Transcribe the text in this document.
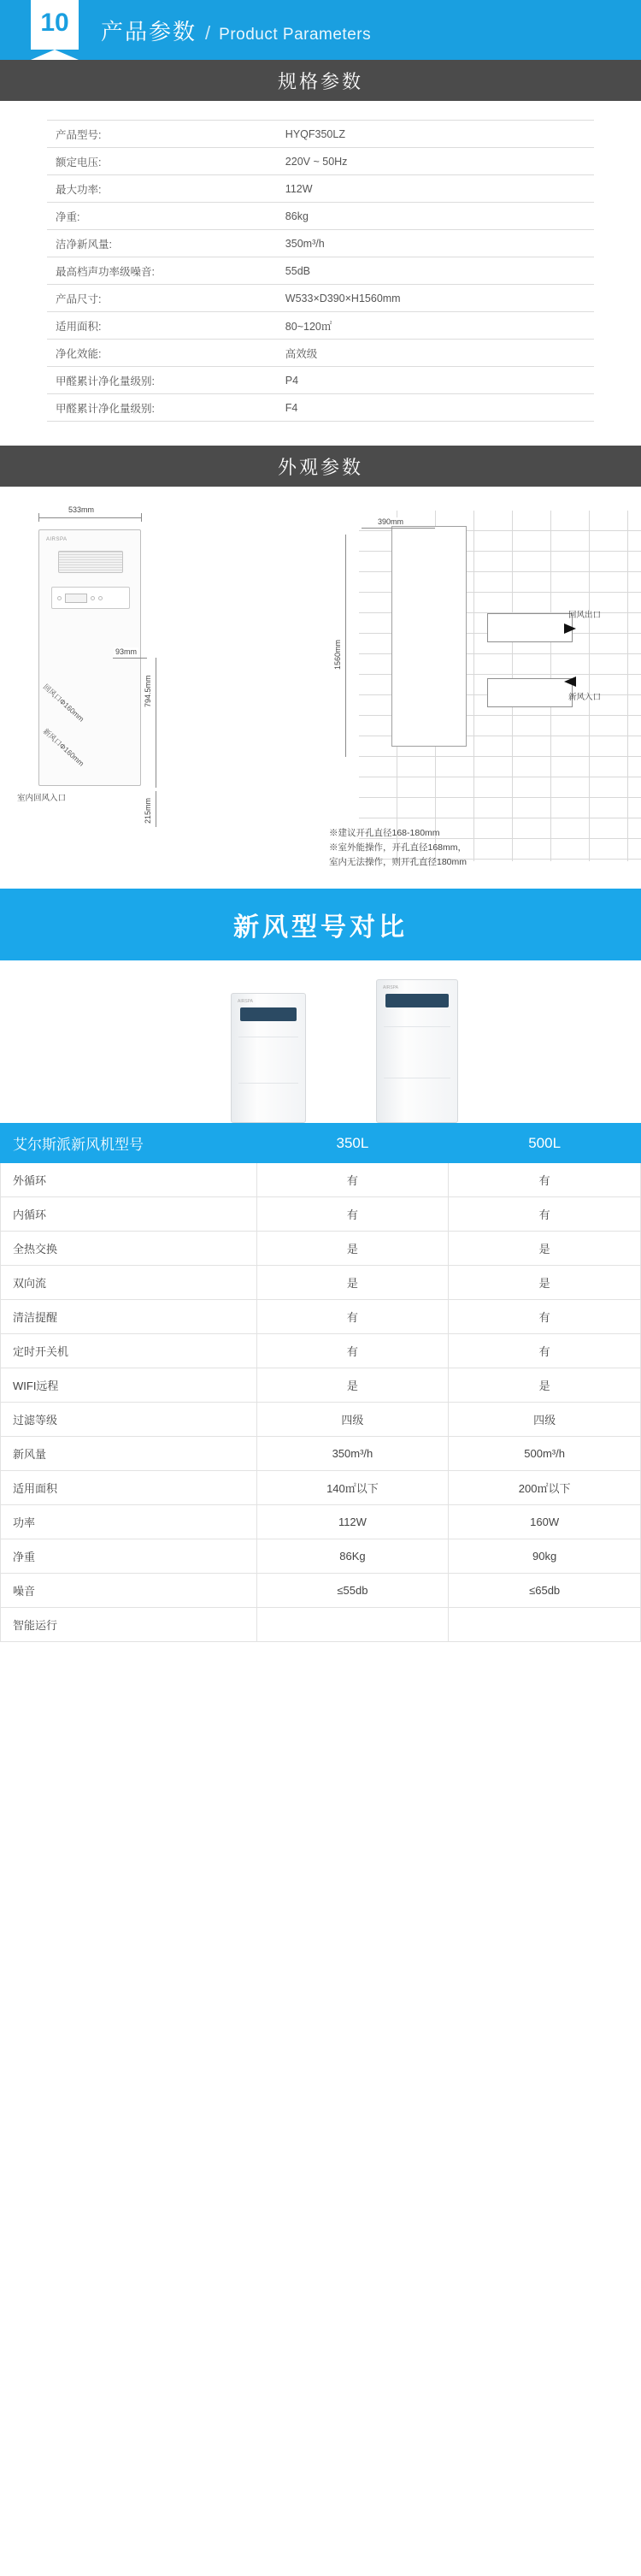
10	产品参数 / Product Parameters
规格参数
产品型号:	HYQF350LZ
额定电压:	220V ~ 50Hz
最大功率:	112W
净重:	86kg
洁净新风量:	350m³/h
最高档声功率级噪音:	55dB
产品尺寸:	W533×D390×H1560mm
适用面积:	80~120㎡
净化效能:	高效级
甲醛累计净化量级别:	P4
甲醛累计净化量级别:	F4
外观参数
533mm
AIRSPA
93mm
回风口Φ160mm
新风口Φ160mm
室内回风入口
794.5mm
215mm
390mm
1560mm
回风出口
新风入口
※建议开孔直径168-180mm
※室外能操作，开孔直径168mm，
室内无法操作，则开孔直径180mm
新风型号对比
AIRSPA
AIRSPA
艾尔斯派新风机型号	350L	500L
外循环	有	有
内循环	有	有
全热交换	是	是
双向流	是	是
清洁提醒	有	有
定时开关机	有	有
WIFI远程	是	是
过滤等级	四级	四级
新风量	350m³/h	500m³/h
适用面积	140㎡以下	200㎡以下
功率	112W	160W
净重	86Kg	90kg
噪音	≤55db	≤65db
智能运行		
